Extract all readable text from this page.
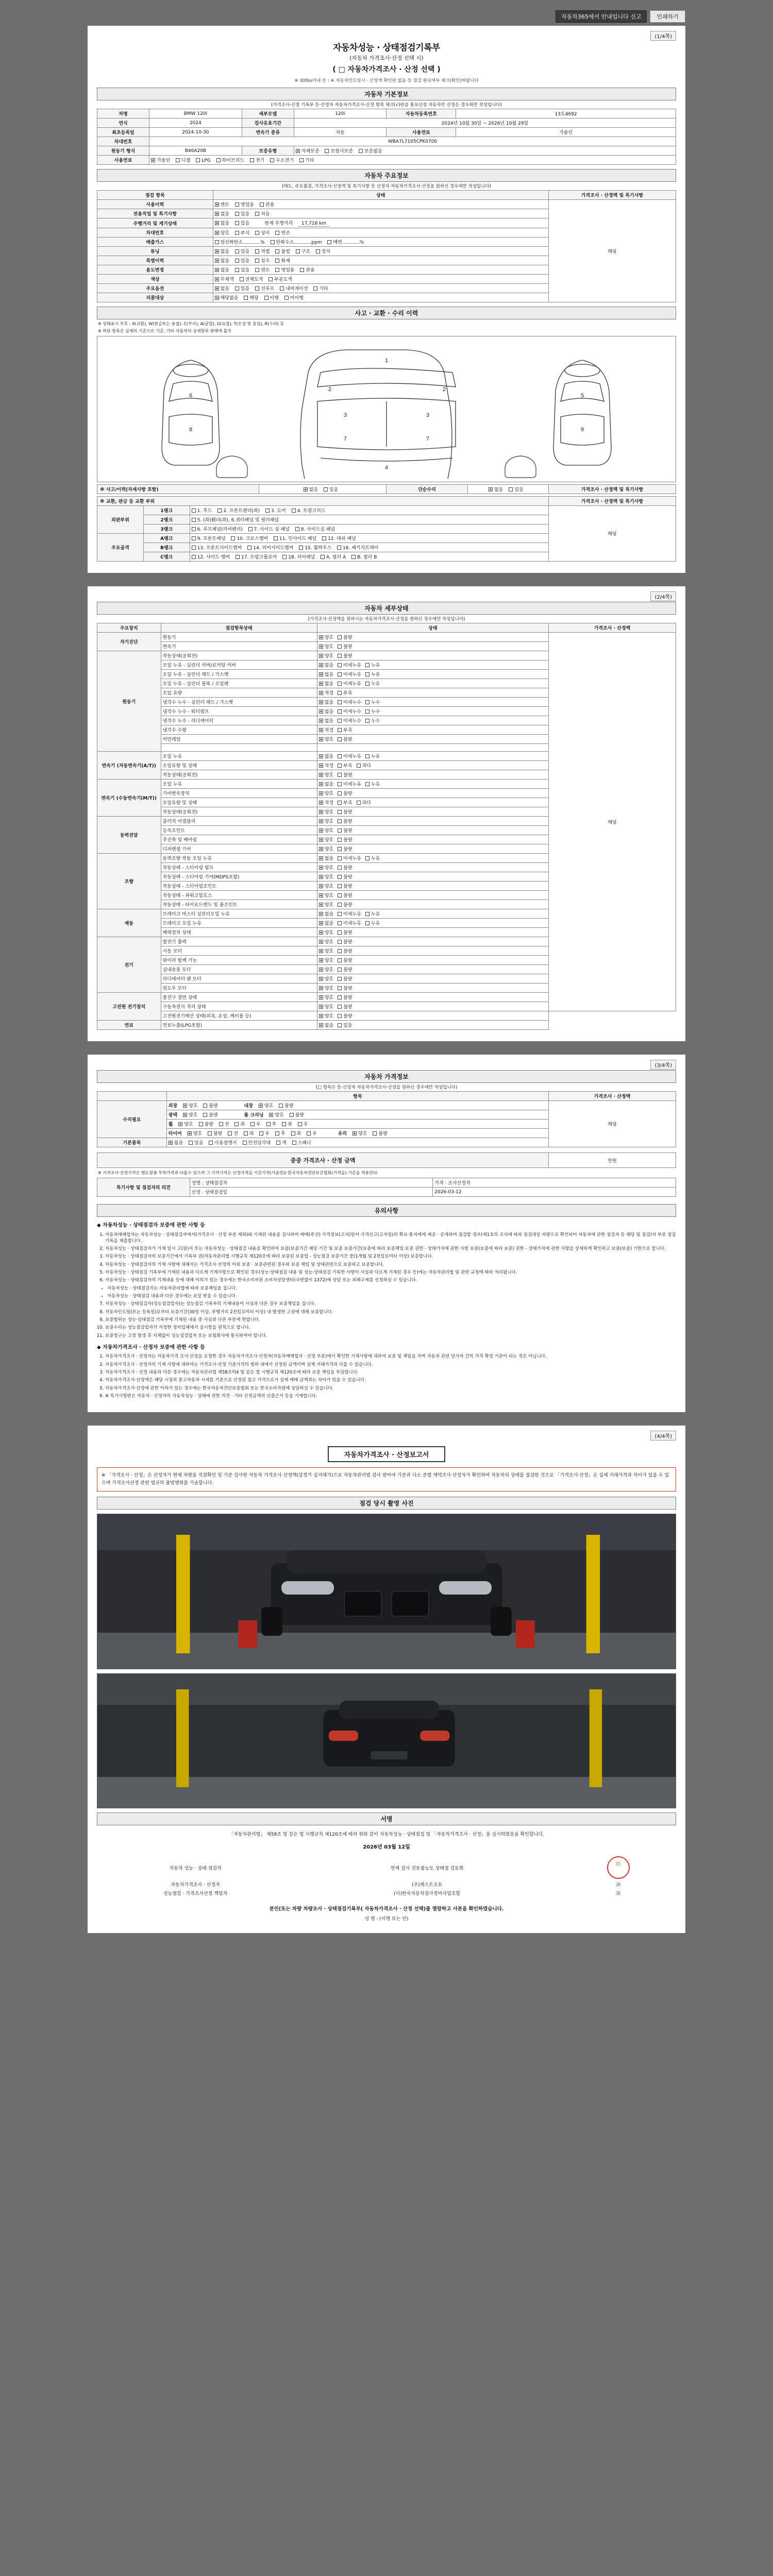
자동차365에서 안내입니다 신고	인쇄하기
(1/4쪽)
자동차성능 · 상태점검기록부
(자동차 가격조사·산정 선택 시)
( □ 자동차가격조사 · 산정 선택 )
※ 300㎞이내 등 : ※ 자동차인도일시 · 산정액 확인란 없음 등 점검 완료여부 체크(확인)바랍니다
자동차 기본정보
(가격조사·산정 기록부 등·산정자 자동차가격조사·산정 항목 체크(√)란을 통보산정 자동차만 산정은 경우와만 작성입니다)
차명	BMW 120i	세부모델	120i	자동차등록번호	13도4692
연식	2024	검사유효기간	2024년 10월 30일 ~ 2026년 10월 29일		
최초등록일	2024-10-30	변속기 종류	자동	사용연료	가솔린
차대번호	WBA7L7105CPK0700				
원동기 형식	B46A20B	보증유형	자체보증 보험사보증 보증없음		
사용연료	가솔린 디젤 LPG 하이브리드 전기 수소전기 기타				
자동차 주요정보
(매도, 주요품질, 가격조사·산정액 및 특기사항 등 산정자 자동차가격조사·산정을 원하신 경우에만 작성입니다)
점검 항목	상태	가격조사 · 산정액 및 특기사항
사용이력	렌트 영업용 관용	해당
전용직업 및 특기사항	없음 있음 처음	
주행거리 및 계기상태	없음 있음 현재 주행거리 17,718 km	
차대번호	양호 부식 상이 변조	
배출가스	일산화탄소 % 탄화수소 ppm 매연 %	
튜닝	없음 있음 적법 불법 구조 장치	
특별이력	없음 있음 침수 화재	
용도변경	없음 있음 렌트 영업용 관용	
색상	무채색 전체도색 부분도색	
주요옵션	없음 있음 선루프 내비게이션 기타	
리콜대상	해당없음 해당 이행 미이행	
사고 · 교환 · 수리 이력
※ 상태표시 부호 : X(교환), W(판금또는 용접), C(부식), A(균열), U(요철), T(손상 및 흠집), R(수리) 등
※ 하단 항목은 실제의 기준으로 기준, 기타 자동차의 상세항목 판매에 불가
1
2	2
3	3
7	7
4
6
8
5
9
※ 사고/이력(자세사항 포함)	없음 있음	단순수리	없음 있음	가격조사 · 산정액 및 특기사항
※ 교환, 판금 등 교환 부위			가격조사 · 산정액 및 특기사항
외판부위	1랭크	1. 후드 2. 프론트팬더(좌) 3. 도어 4. 트렁크리드	해당
	2랭크	5. (좌)휀더(좌), 6.쿼터패널 및 필러패널	
	3랭크	6. 루프패널(리어펜더) 7. 사이드 실 패널 8. 사이드실 패널	
주요골격	A랭크	9. 프론트패널 10. 크로스멤버 11. 인사이드 패널 12. 대쉬 패널	
	B랭크	13. 프론트사이드멤버 14. 리어사이드멤버 15. 휠하우스 16. 패키지트레이	
	C랭크	12. 사이드 멤버 17. 트렁크플로어 18. 리어패널 A. 필러 A B. 필러 B	
(2/4쪽)
자동차 세부상태
(가격조사·산정액을 원하시는 자동차가격조사·산정을 원하신 경우에만 작성입니다)
주요장치	점검항목상태	상태	가격조사 · 산정액
자기진단	원동기	양호 불량	해당
	변속기	양호 불량	
원동기	작동상태(공회전)	양호 불량	
	오일 누유 - 실린더 커버/로커암 커버	없음 미세누유 누유	
	오일 누유 - 실린더 헤드 / 가스켓	없음 미세누유 누유	
	오일 누유 - 실린더 블록 / 오일팬	없음 미세누유 누유	
	오일 유량	적정 부족	
	냉각수 누수 - 실린더 헤드 / 가스켓	없음 미세누수 누수	
	냉각수 누수 - 워터펌프	없음 미세누수 누수	
	냉각수 누수 - 라디에이터	없음 미세누수 누수	
	냉각수 수량	적정 부족	
	커먼레일	양호 불량	

변속기 (자동변속기(A/T))	오일 누유	없음 미세누유 누유	
	오일유량 및 상태	적정 부족 과다	
	작동상태(공회전)	양호 불량	
변속기 (수동변속기(M/T))	오일 누유	없음 미세누유 누유	
	기어변속장치	양호 불량	
	오일유량 및 상태	적정 부족 과다	
	작동상태(공회전)	양호 불량	
동력전달	클러치 어셈블리	양호 불량	
	등속조인트	양호 불량	
	추진축 및 베어링	양호 불량	
	디퍼렌셜 기어	양호 불량	
조향	동력조향 작동 오일 누유	없음 미세누유 누유	
	작동상태 - 스티어링 펌프	양호 불량	
	작동상태 - 스티어링 기어(MDPS포함)	양호 불량	
	작동상태 - 스티어링조인트	양호 불량	
	작동상태 - 파워고압호스	양호 불량	
	작동상태 - 타이로드엔드 및 볼조인트	양호 불량	
제동	브레이크 마스터 실린더오일 누유	없음 미세누유 누유	
	브레이크 오일 누유	없음 미세누유 누유	
	배력장치 상태	양호 불량	
전기	발전기 출력	양호 불량	
	시동 모터	양호 불량	
	와이퍼 함께 기능	양호 불량	
	실내송풍 모터	양호 불량	
	라디에이터 팬 모터	양호 불량	
	윈도우 모터	양호 불량	
고전원 전기장치	충전구 절연 상태	양호 불량	
	구동축전지 격리 상태	양호 불량	
	고전원전기배선 상태(피복, 손상, 케이블 등)	양호 불량	
연료	연료누출(LPG포함)	없음 있음	
(3/4쪽)
자동차 가격정보
(□ 항목은 등·산정자 자동차가격조사·산정을 원하신 경우에만 작성입니다)
	항목	가격조사 · 산정액
수리필요	외장 양호 불량 내장 양호 불량	해당
	광택 양호 불량 룸 크리닝 양호 불량	
	휠 양호 불량 전 좌 우 후 좌 우	
	타이어 양호 불량 전 좌 우 후 좌 우 유리 양호 불량	
기본품목	없음 있음 사용설명서 안전삼각대 잭 스패너	
증증 가격조사 · 산정 금액	만원
※ 가격조사·산정가격은 별도참봉 부착가격과 다를수 있으며 그 가격가격은 산정가격을 기준가격(가솔린)/ 한국자동차진단보증협회(가격을) 기준을 적용한다.
특기사항 및 점검자의 의견	성명 : 상태점검자	가격 · 조사산정자
	산정 · 상태점검일	2026-03-12
유의사항
◆ 자동차성능 · 상태점검자 보증에 관한 사항 등
1. 자동차매매업자는 자동차성능 · 상태점검자에서(가격조사 · 산정 부분 제외)와 기재된 내용을 검사하여 매매(주선) 가격정보(고지)일이 가격신고(고지일)의 확보·통지에게 제공 · 공개하여 점검할 경우(제1호의 조치에 따라 점검대상 차량으로 확인되어 자동차에 관한 점검자 등 해당 및 점검)자 부분 점검기록을 제출합니다.
2. 자동차성능 · 상태점검자가 기재 일시 고(원)지 또는 자동차성능 · 상태점검 내용을 확인하여 보증(보증기간 해당 기간 및 보증 보증기간(보증에 따라 보증책임 보증 권한 - 상태가치에 관한 사항 보증(보증에 따라 보증) 권한 - 상태가치에 관한 사항을 상세하게 확인하고 보증(보증) 기한으로 합니다.
3. 자동차성능 · 상태점검자의 보증기간에서 기록부 권(자동차관리법 시행규칙 제120조에 따라 보증된 보증업 - 성능점검 보증기간 중(1개월 및 2천킬로미터 이상) 보증합니다.
4. 자동차성능 · 상태점검자의 기재 사항에 대해서는 가격조사·산정의 이외 보증 · 보증관련된 경우와 보증 책임 및 상태관련으로 보증하고 보증합니다.
5. 자동차성능 · 상태점검 기록부에 기재된 내용과 다르게 기재사항으로 확인된 경우(성능·상태점검 내용 및 성능·상태점검 기록한 사항이 사실과 다르게 기재된 경우 등)에는 자동차관리법 및 관련 규정에 따라 처리됩니다.
6. 자동차성능 · 상태점검자의 기재내용 등에 대해 이의가 있는 경우에는 한국소비자원 소비자상담센터(국번없이 1372)에 상담 또는 피해구제를 신청하실 수 있습니다.
• 자동차성능 · 상태점검자는 자동차관리법에 따라 보증책임을 집니다.
• 자동차성능 · 상태점검 내용과 다른 경우에는 보상 받을 수 있습니다.
7. 자동차성능 · 상태점검자(성능점검업자)는 성능점검 기록부의 기재내용이 사실과 다른 경우 보증책임을 집니다.
8. 자동차인도일(또는 등록일)로부터 보증기간(30일 이상, 주행거리 2천킬로미터 이상) 내 발생한 고장에 대해 보증합니다.
9. 보증범위는 성능·상태점검 기록부에 기재된 내용 중 사실과 다른 부분에 한합니다.
10. 보증수리는 성능점검업자가 지정한 정비업체에서 실시함을 원칙으로 합니다.
11. 보증청구는 고장 발생 후 지체없이 성능점검업자 또는 보험회사에 통지하여야 합니다.
◆ 자동차가격조사 · 산정자 보증에 관한 사항 등
1. 자동차가격조사 · 산정자는 자동차가격 조사·산정을 요청한 경우 자동차가격조사·산정자(자동차매매업자 · 산정 부분)에서 확인한 기재사항에 대하여 보증 및 책임을 지며 자동차 관련 당사자 간의 가격 확정 기준이 되는 것은 아닙니다.
2. 자동차가격조사 · 산정자의 기재 사항에 대하여는 가격조사·산정 기준가격의 범위 내에서 산정된 금액이며 실제 거래가격과 다를 수 있습니다.
3. 자동차가격조사 · 산정 내용과 다른 경우에는 자동차관리법 제58조의4 및 같은 법 시행규칙 제120조에 따라 보증 책임을 부담합니다.
4. 자동차가격조사·산정액은 해당 시점의 중고자동차 시세를 기준으로 산정된 참고 가격으로서 실제 매매 금액과는 차이가 있을 수 있습니다.
5. 자동차가격조사·산정에 관한 이의가 있는 경우에는 한국자동차진단보증협회 또는 한국소비자원에 상담하실 수 있습니다.
6. ※ 특기사항란은 자동차 · 산정자의 자동차성능 · 상태에 관한 의견 · 기타 산정금액의 산출근거 등을 기재합니다.
(4/4쪽)
자동차가격조사 · 산정보고서
※ 「가격조사 · 산정」은 산정자가 현재 차량을 직접확인 및 기준 검사한 자동차 가격조사 산정액(감정가 실거래가)으로 자동차관리법 검사 받아야 기준과 다소 준열 계약조사·산정자가 확인하여 자동차의 상태를 점검한 것으로 「가격조사·산정」은 실제 거래가격과 차이가 있을 수 있으며 가격조사산정 관련 법규의 불법행위를 기술합니다.
점검 당시 촬영 사진
서명
「자동차관리법」 제58조 및 같은 법 시행규칙 제120조에 따라 위와 같이 자동차성능 · 상태점검 및 「자동차가격조사 · 산정」을 실시하였음을 확인합니다.
2026년 03월 12일
자동차 성능 · 상태 점검자	연계 검사 진동불능도 상태점 검토원	印
자동차가격조사 · 산정자	(주)케스트오토	㉔
성능점검 · 가격조사산정 책임자	(사)한국자동차검사정비사업조합	㉔
본인(또는 차량 차량조사 · 상태점검기록부( 자동차가격조사 · 산정 선택)를 열람하고 사본을 확인하였습니다.
성 명 : (서명 또는 인)
